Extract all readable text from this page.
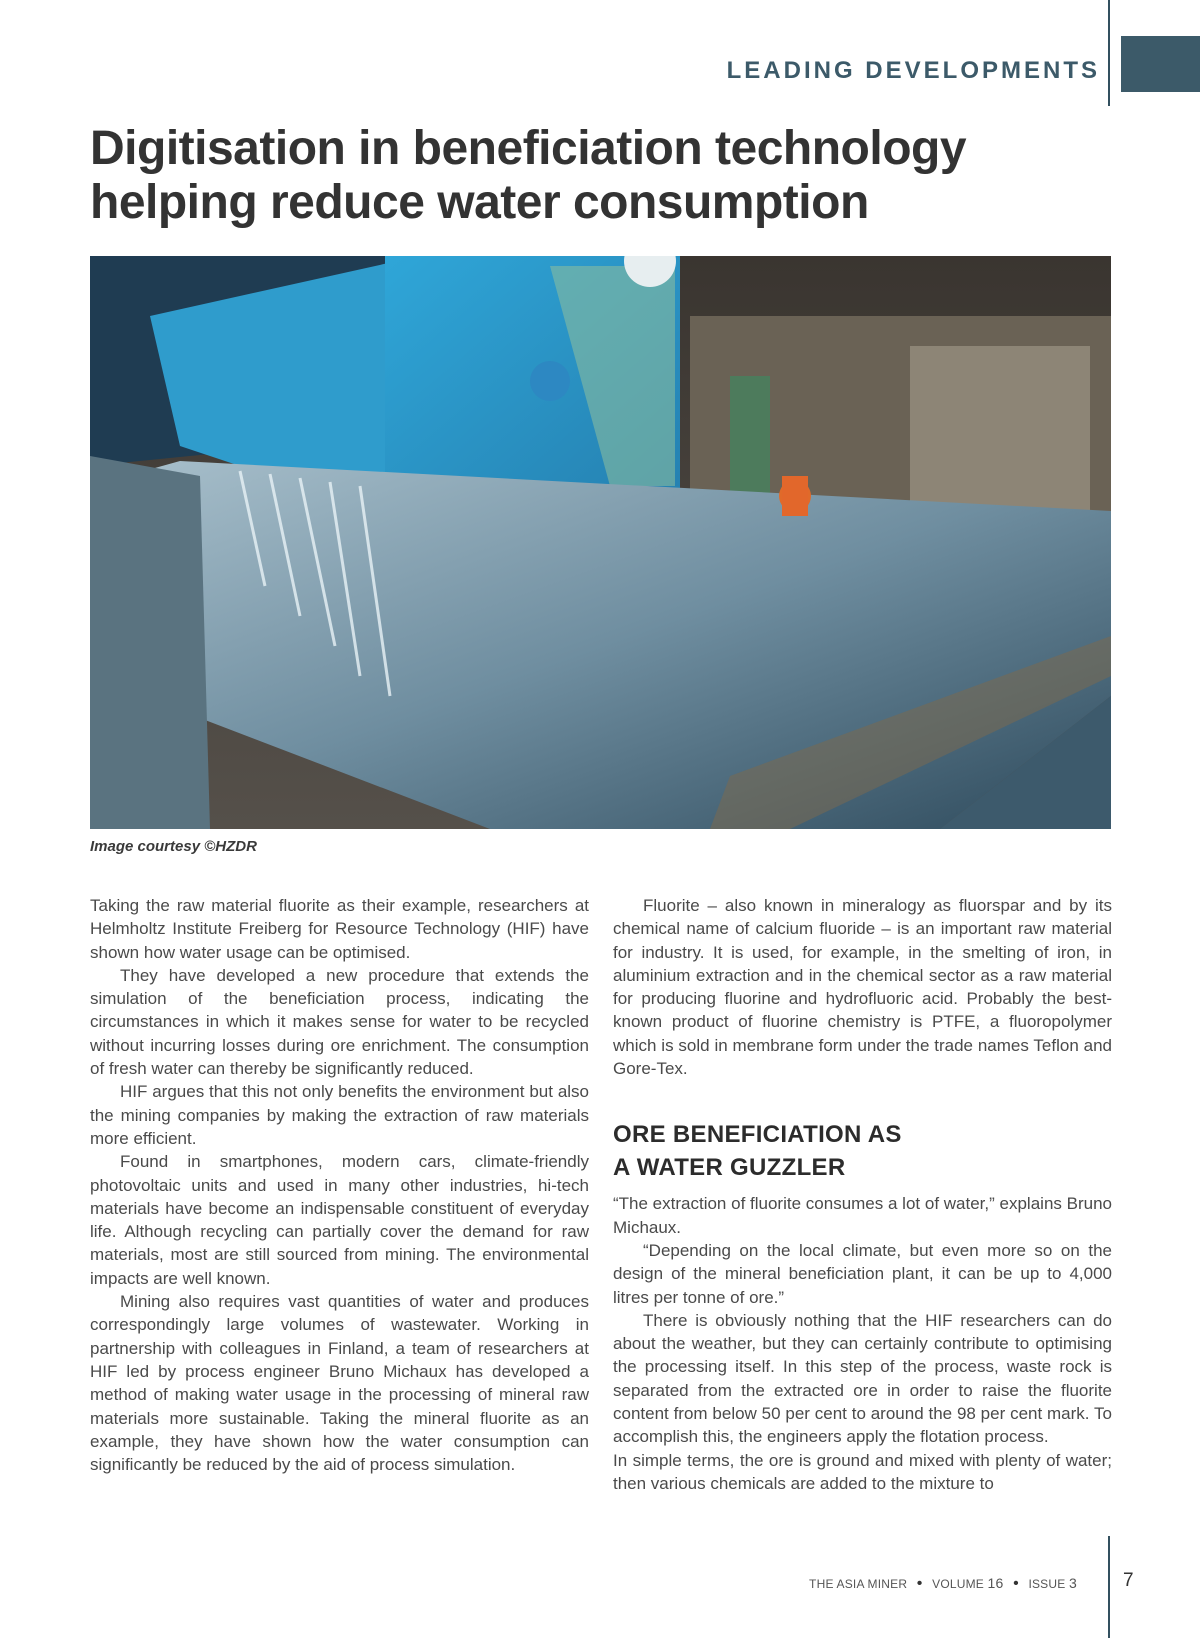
LEADING DEVELOPMENTS
Digitisation in beneficiation technology helping reduce water consumption

Image courtesy ©HZDR

Taking the raw material fluorite as their example, researchers at Helmholtz Institute Freiberg for Resource Technology (HIF) have shown how water usage can be optimised.

They have developed a new procedure that extends the simulation of the beneficiation process, indicating the circumstances in which it makes sense for water to be recycled without incurring losses during ore enrichment. The consumption of fresh water can thereby be significantly reduced.

HIF argues that this not only benefits the environment but also the mining companies by making the extraction of raw materials more efficient.

Found in smartphones, modern cars, climate-friendly photovoltaic units and used in many other industries, hi-tech materials have become an indispensable constituent of everyday life. Although recycling can partially cover the demand for raw materials, most are still sourced from mining. The environmental impacts are well known.

Mining also requires vast quantities of water and produces correspondingly large volumes of wastewater. Working in partnership with colleagues in Finland, a team of researchers at HIF led by process engineer Bruno Michaux has developed a method of making water usage in the processing of mineral raw materials more sustainable. Taking the mineral fluorite as an example, they have shown how the water consumption can significantly be reduced by the aid of process simulation.

Fluorite – also known in mineralogy as fluorspar and by its chemical name of calcium fluoride – is an important raw material for industry. It is used, for example, in the smelting of iron, in aluminium extraction and in the chemical sector as a raw material for producing fluorine and hydrofluoric acid. Probably the best-known product of fluorine chemistry is PTFE, a fluoropolymer which is sold in membrane form under the trade names Teflon and Gore-Tex.

ORE BENEFICIATION AS
A WATER GUZZLER

“The extraction of fluorite consumes a lot of water,” explains Bruno Michaux.

“Depending on the local climate, but even more so on the design of the mineral beneficiation plant, it can be up to 4,000 litres per tonne of ore.”

There is obviously nothing that the HIF researchers can do about the weather, but they can certainly contribute to optimising the processing itself. In this step of the process, waste rock is separated from the extracted ore in order to raise the fluorite content from below 50 per cent to around the 98 per cent mark. To accomplish this, the engineers apply the flotation process.

In simple terms, the ore is ground and mixed with plenty of water; then various chemicals are added to the mixture to

THE ASIA MINER • VOLUME 16 • ISSUE 3 7
